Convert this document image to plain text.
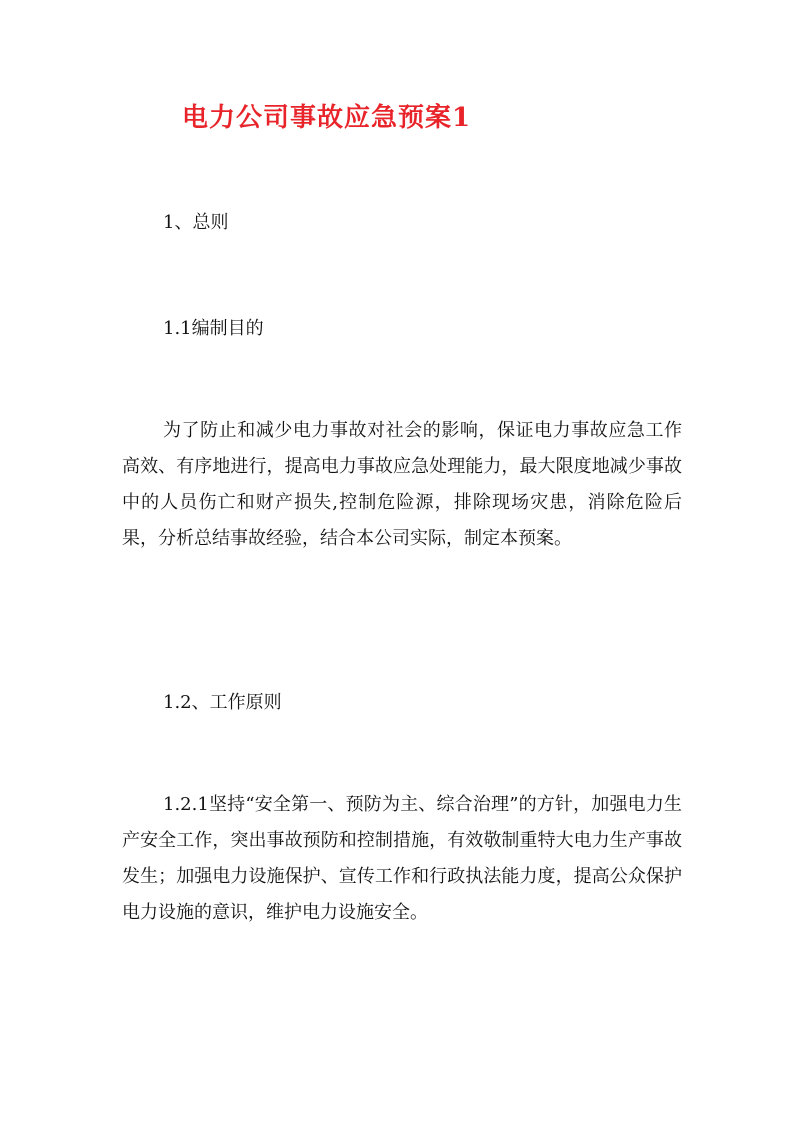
电力公司事故应急预案1
1、总则
1.1编制目的
为了防止和减少电力事故对社会的影响，保证电力事故应急工作高效、有序地进行，提高电力事故应急处理能力，最大限度地减少事故中的人员伤亡和财产损失,控制危险源，排除现场灾患，消除危险后果，分析总结事故经验，结合本公司实际，制定本预案。
1.2、工作原则
1.2.1坚持“安全第一、预防为主、综合治理”的方针，加强电力生产安全工作，突出事故预防和控制措施，有效敬制重特大电力生产事故发生；加强电力设施保护、宣传工作和行政执法能力度，提高公众保护电力设施的意识，维护电力设施安全。
